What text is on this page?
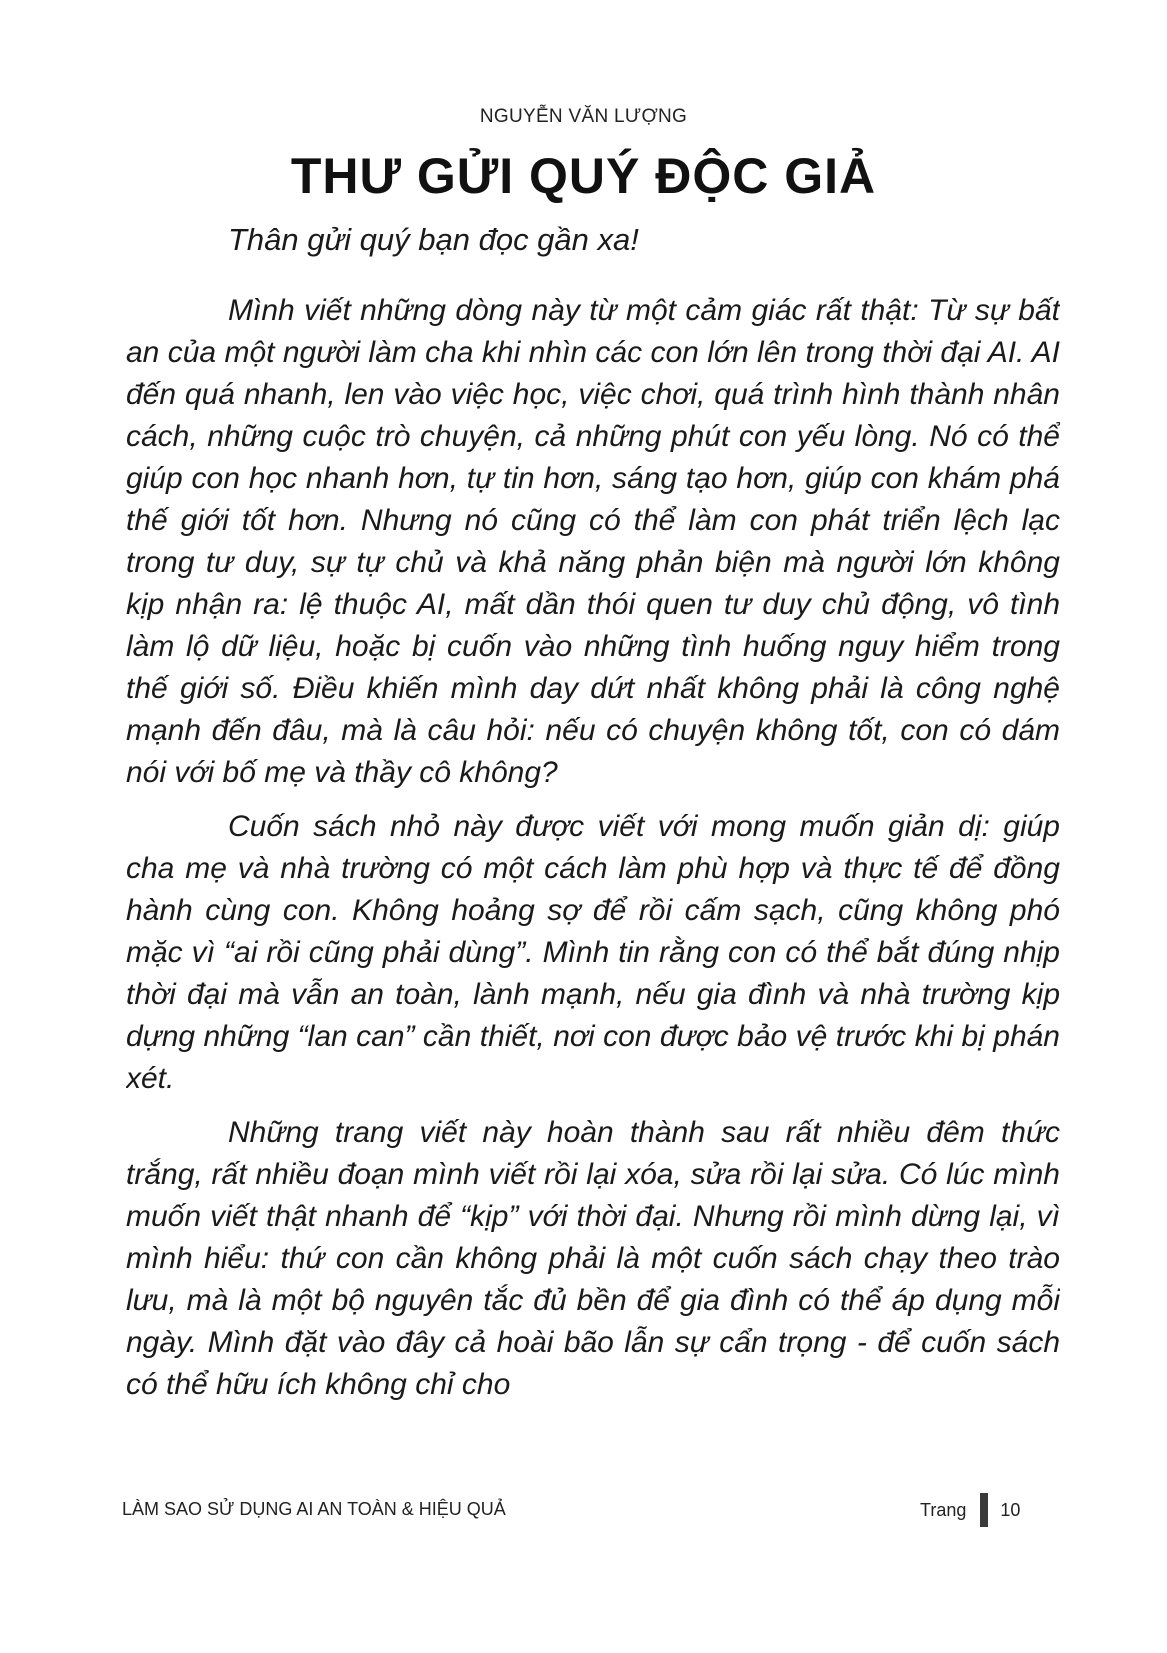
NGUYỄN VĂN LƯỢNG
THƯ GỬI QUÝ ĐỘC GIẢ
Thân gửi quý bạn đọc gần xa!

Mình viết những dòng này từ một cảm giác rất thật: Từ sự bất an của một người làm cha khi nhìn các con lớn lên trong thời đại AI. AI đến quá nhanh, len vào việc học, việc chơi, quá trình hình thành nhân cách, những cuộc trò chuyện, cả những phút con yếu lòng. Nó có thể giúp con học nhanh hơn, tự tin hơn, sáng tạo hơn, giúp con khám phá thế giới tốt hơn. Nhưng nó cũng có thể làm con phát triển lệch lạc trong tư duy, sự tự chủ và khả năng phản biện mà người lớn không kịp nhận ra: lệ thuộc AI, mất dần thói quen tư duy chủ động, vô tình làm lộ dữ liệu, hoặc bị cuốn vào những tình huống nguy hiểm trong thế giới số. Điều khiến mình day dứt nhất không phải là công nghệ mạnh đến đâu, mà là câu hỏi: nếu có chuyện không tốt, con có dám nói với bố mẹ và thầy cô không?

Cuốn sách nhỏ này được viết với mong muốn giản dị: giúp cha mẹ và nhà trường có một cách làm phù hợp và thực tế để đồng hành cùng con. Không hoảng sợ để rồi cấm sạch, cũng không phó mặc vì “ai rồi cũng phải dùng”. Mình tin rằng con có thể bắt đúng nhịp thời đại mà vẫn an toàn, lành mạnh, nếu gia đình và nhà trường kịp dựng những “lan can” cần thiết, nơi con được bảo vệ trước khi bị phán xét.

Những trang viết này hoàn thành sau rất nhiều đêm thức trắng, rất nhiều đoạn mình viết rồi lại xóa, sửa rồi lại sửa. Có lúc mình muốn viết thật nhanh để “kịp” với thời đại. Nhưng rồi mình dừng lại, vì mình hiểu: thứ con cần không phải là một cuốn sách chạy theo trào lưu, mà là một bộ nguyên tắc đủ bền để gia đình có thể áp dụng mỗi ngày. Mình đặt vào đây cả hoài bão lẫn sự cẩn trọng - để cuốn sách có thể hữu ích không chỉ cho

LÀM SAO SỬ DỤNG AI AN TOÀN & HIỆU QUẢ	Trang 10
